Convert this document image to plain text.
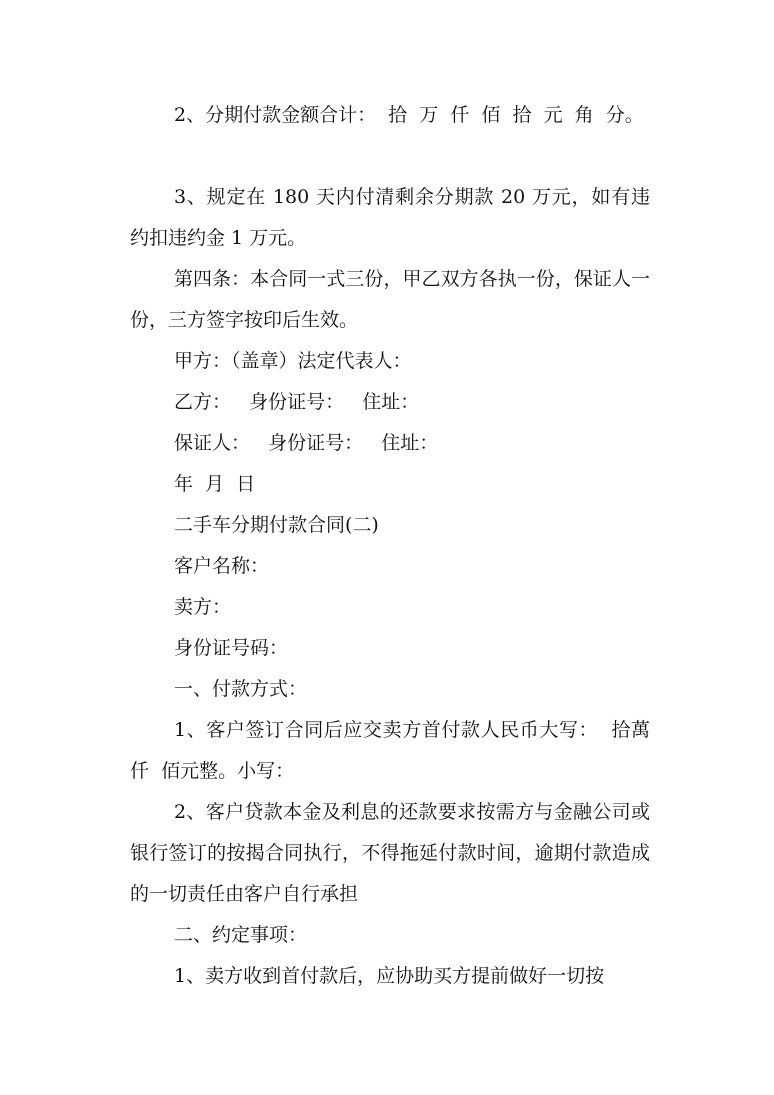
2、分期付款金额合计：  拾  万  仟  佰  拾  元  角  分。

3、规定在 180 天内付清剩余分期款 20 万元，如有违约扣违约金 1 万元。

第四条：本合同一式三份，甲乙双方各执一份，保证人一份，三方签字按印后生效。

甲方：（盖章）法定代表人：

乙方：   身份证号：   住址：

保证人：   身份证号：   住址：

年  月  日

二手车分期付款合同(二)

客户名称：

卖方：

身份证号码：

一、付款方式：

1、客户签订合同后应交卖方首付款人民币大写：  拾萬  仟  佰元整。小写：

2、客户贷款本金及利息的还款要求按需方与金融公司或银行签订的按揭合同执行，不得拖延付款时间，逾期付款造成的一切责任由客户自行承担

二、约定事项：

1、卖方收到首付款后，应协助买方提前做好一切按
